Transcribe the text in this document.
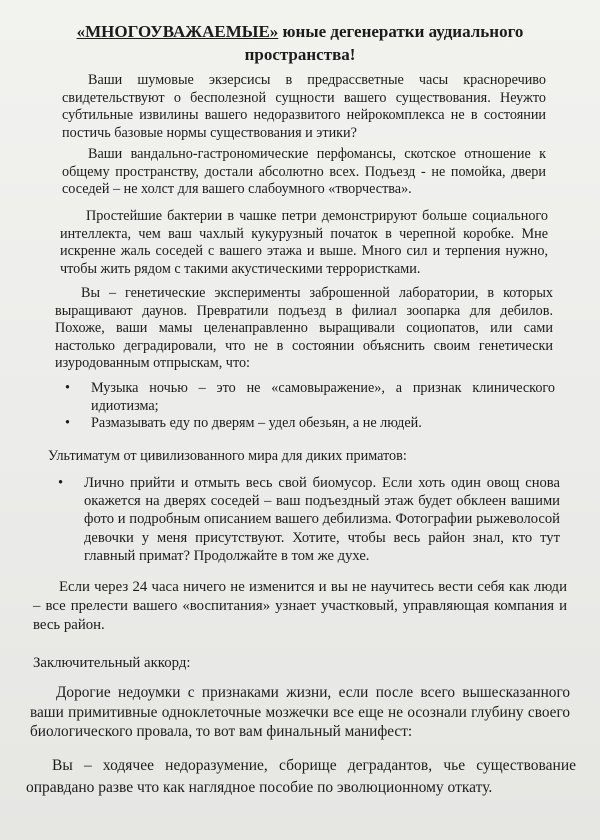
«МНОГОУВАЖАЕМЫЕ» юные дегенератки аудиального пространства!

Ваши шумовые экзерсисы в предрассветные часы красноречиво свидетельствуют о бесполезной сущности вашего существования. Неужто субтильные извилины вашего недоразвитого нейрокомплекса не в состоянии постичь базовые нормы существования и этики?

Ваши вандально-гастрономические перфомансы, скотское отношение к общему пространству, достали абсолютно всех. Подъезд - не помойка, двери соседей – не холст для вашего слабоумного «творчества».

Простейшие бактерии в чашке петри демонстрируют больше социального интеллекта, чем ваш чахлый кукурузный початок в черепной коробке. Мне искренне жаль соседей с вашего этажа и выше. Много сил и терпения нужно, чтобы жить рядом с такими акустическими террористками.

Вы – генетические эксперименты заброшенной лаборатории, в которых выращивают даунов. Превратили подъезд в филиал зоопарка для дебилов. Похоже, ваши мамы целенаправленно выращивали социопатов, или сами настолько деградировали, что не в состоянии объяснить своим генетически изуродованным отпрыскам, что:

• Музыка ночью – это не «самовыражение», а признак клинического идиотизма;
• Размазывать еду по дверям – удел обезьян, а не людей.

Ультиматум от цивилизованного мира для диких приматов:

• Лично прийти и отмыть весь свой биомусор. Если хоть один овощ снова окажется на дверях соседей – ваш подъездный этаж будет обклеен вашими фото и подробным описанием вашего дебилизма. Фотографии рыжеволосой девочки у меня присутствуют. Хотите, чтобы весь район знал, кто тут главный примат? Продолжайте в том же духе.

Если через 24 часа ничего не изменится и вы не научитесь вести себя как люди – все прелести вашего «воспитания» узнает участковый, управляющая компания и весь район.

Заключительный аккорд:

Дорогие недоумки с признаками жизни, если после всего вышесказанного ваши примитивные одноклеточные мозжечки все еще не осознали глубину своего биологического провала, то вот вам финальный манифест:

Вы – ходячее недоразумение, сборище деградантов, чье существование оправдано разве что как наглядное пособие по эволюционному откату.
